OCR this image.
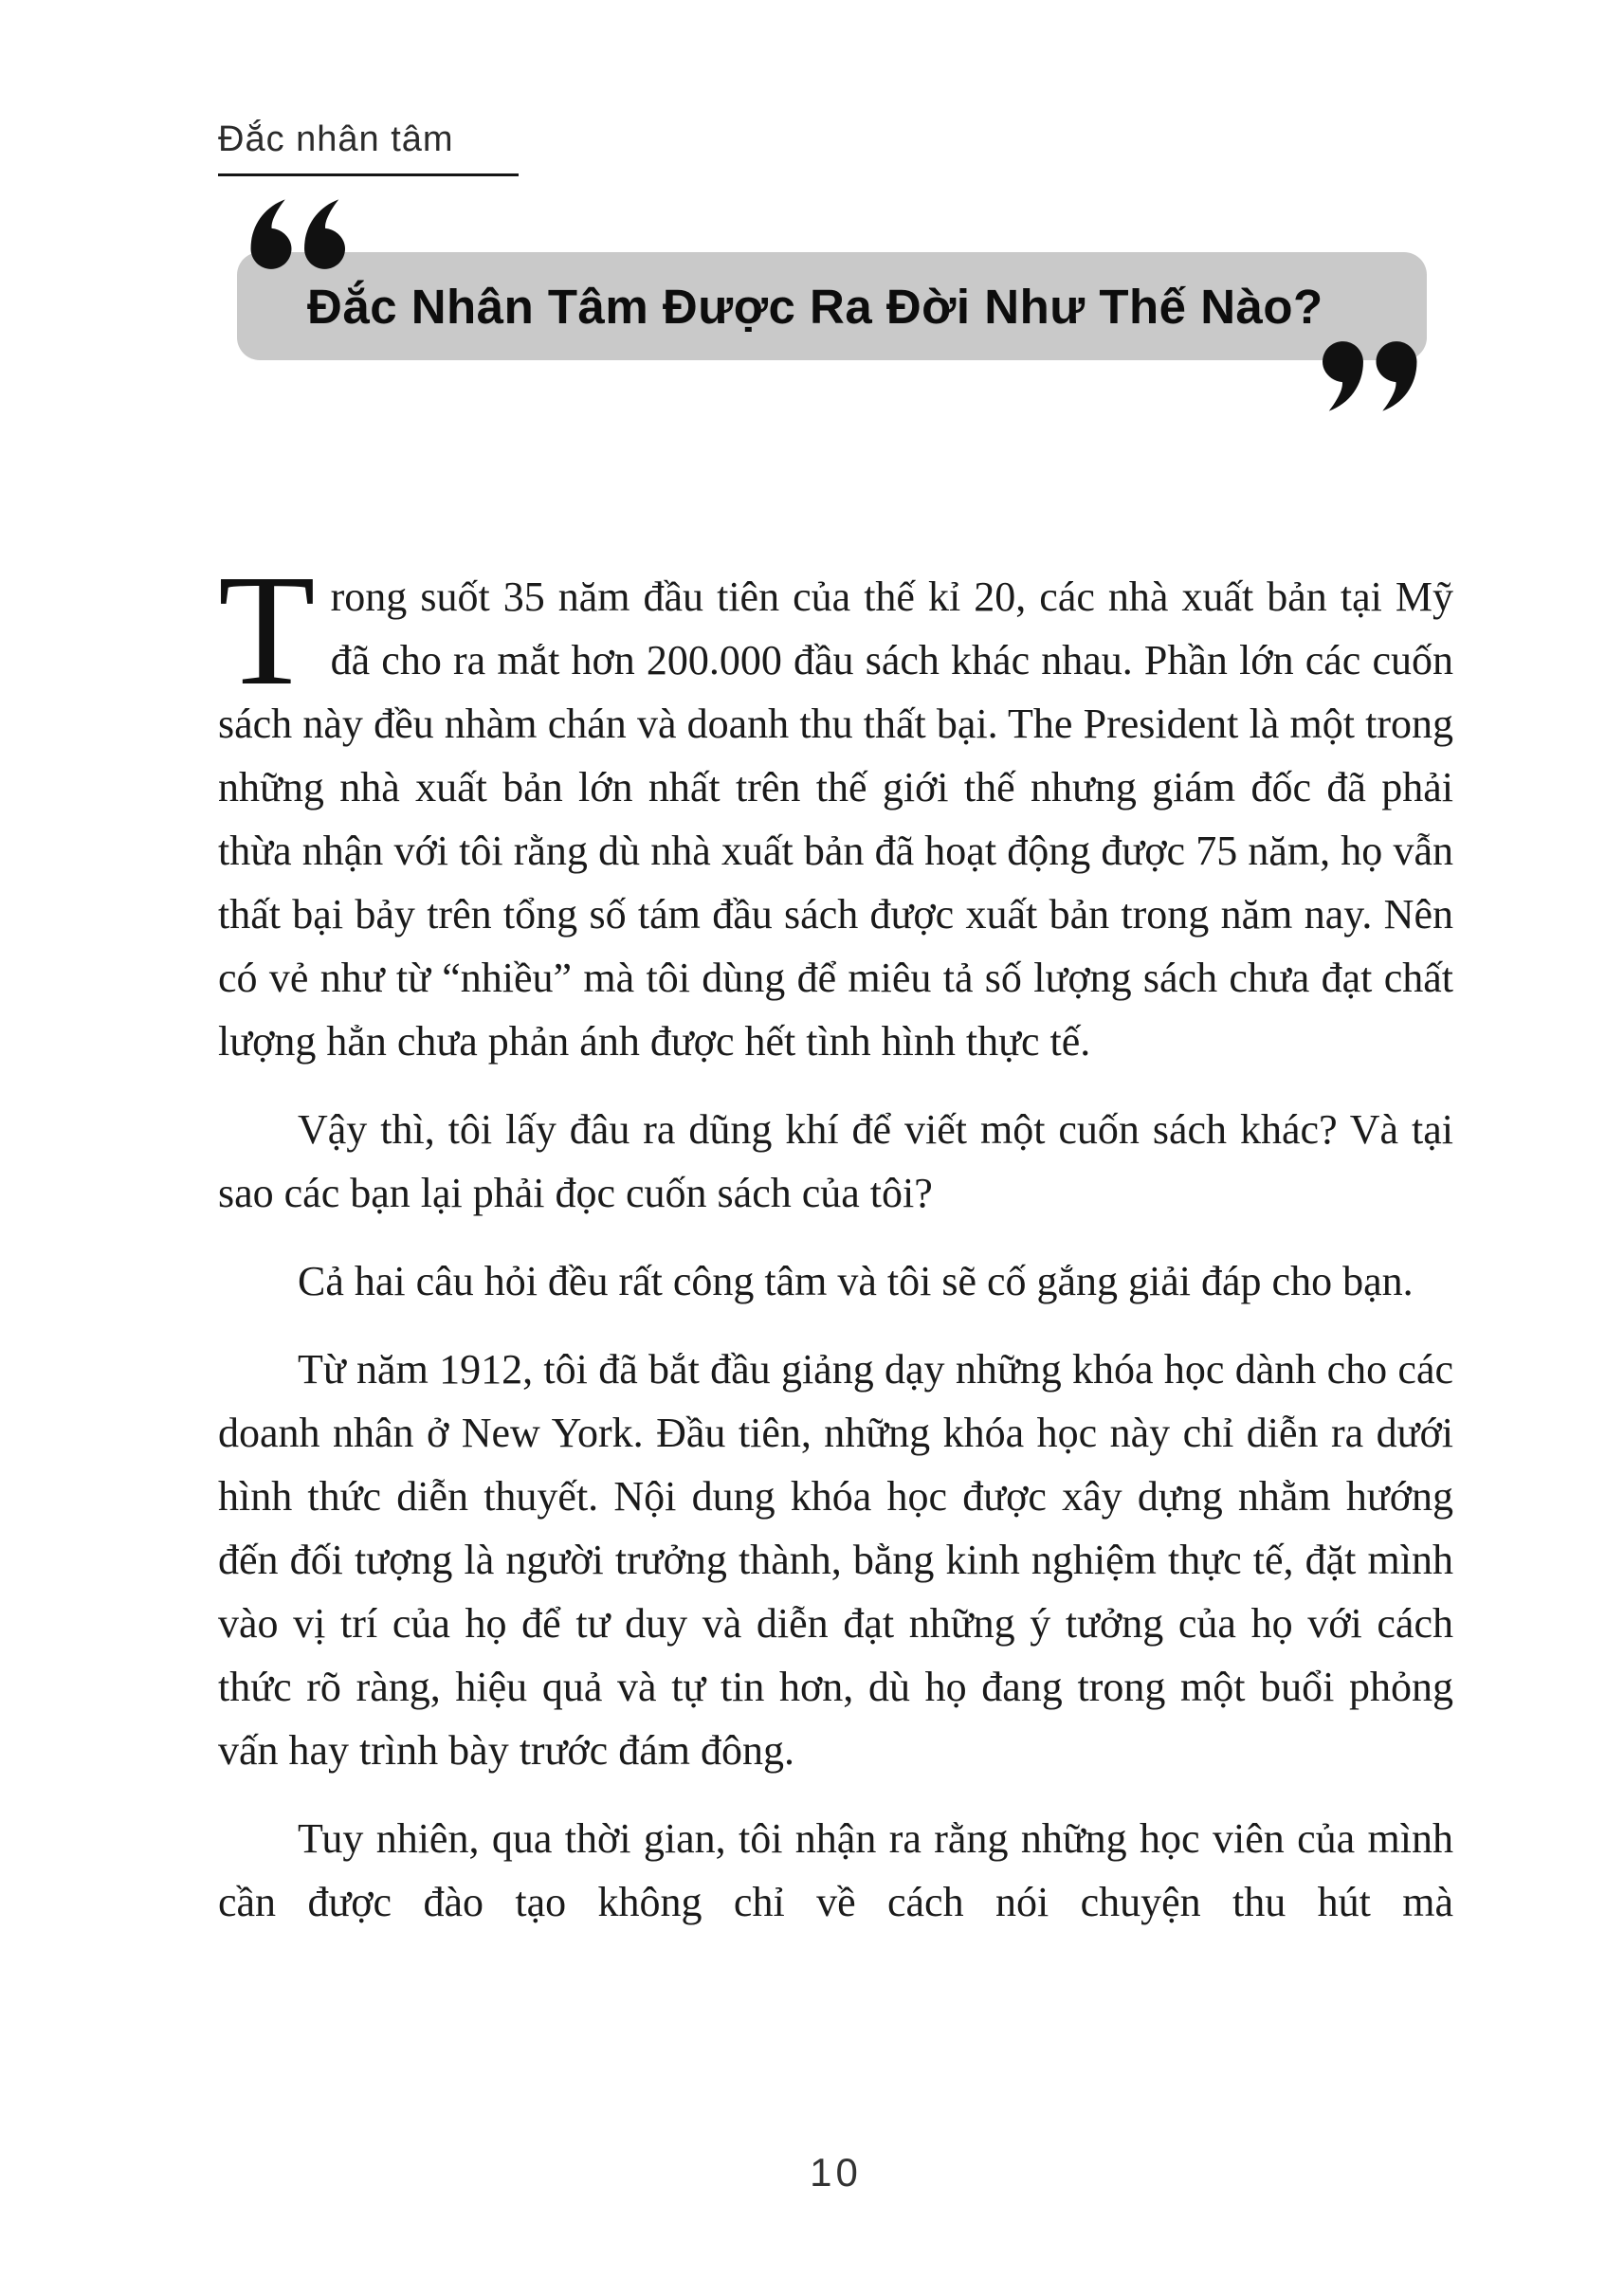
Đắc nhân tâm
Đắc Nhân Tâm Được Ra Đời Như Thế Nào?

Trong suốt 35 năm đầu tiên của thế kỉ 20, các nhà xuất bản tại Mỹ đã cho ra mắt hơn 200.000 đầu sách khác nhau. Phần lớn các cuốn sách này đều nhàm chán và doanh thu thất bại. The President là một trong những nhà xuất bản lớn nhất trên thế giới thế nhưng giám đốc đã phải thừa nhận với tôi rằng dù nhà xuất bản đã hoạt động được 75 năm, họ vẫn thất bại bảy trên tổng số tám đầu sách được xuất bản trong năm nay. Nên có vẻ như từ “nhiều” mà tôi dùng để miêu tả số lượng sách chưa đạt chất lượng hẳn chưa phản ánh được hết tình hình thực tế.

Vậy thì, tôi lấy đâu ra dũng khí để viết một cuốn sách khác? Và tại sao các bạn lại phải đọc cuốn sách của tôi?

Cả hai câu hỏi đều rất công tâm và tôi sẽ cố gắng giải đáp cho bạn.

Từ năm 1912, tôi đã bắt đầu giảng dạy những khóa học dành cho các doanh nhân ở New York. Đầu tiên, những khóa học này chỉ diễn ra dưới hình thức diễn thuyết. Nội dung khóa học được xây dựng nhằm hướng đến đối tượng là người trưởng thành, bằng kinh nghiệm thực tế, đặt mình vào vị trí của họ để tư duy và diễn đạt những ý tưởng của họ với cách thức rõ ràng, hiệu quả và tự tin hơn, dù họ đang trong một buổi phỏng vấn hay trình bày trước đám đông.

Tuy nhiên, qua thời gian, tôi nhận ra rằng những học viên của mình cần được đào tạo không chỉ về cách nói chuyện thu hút mà

10
